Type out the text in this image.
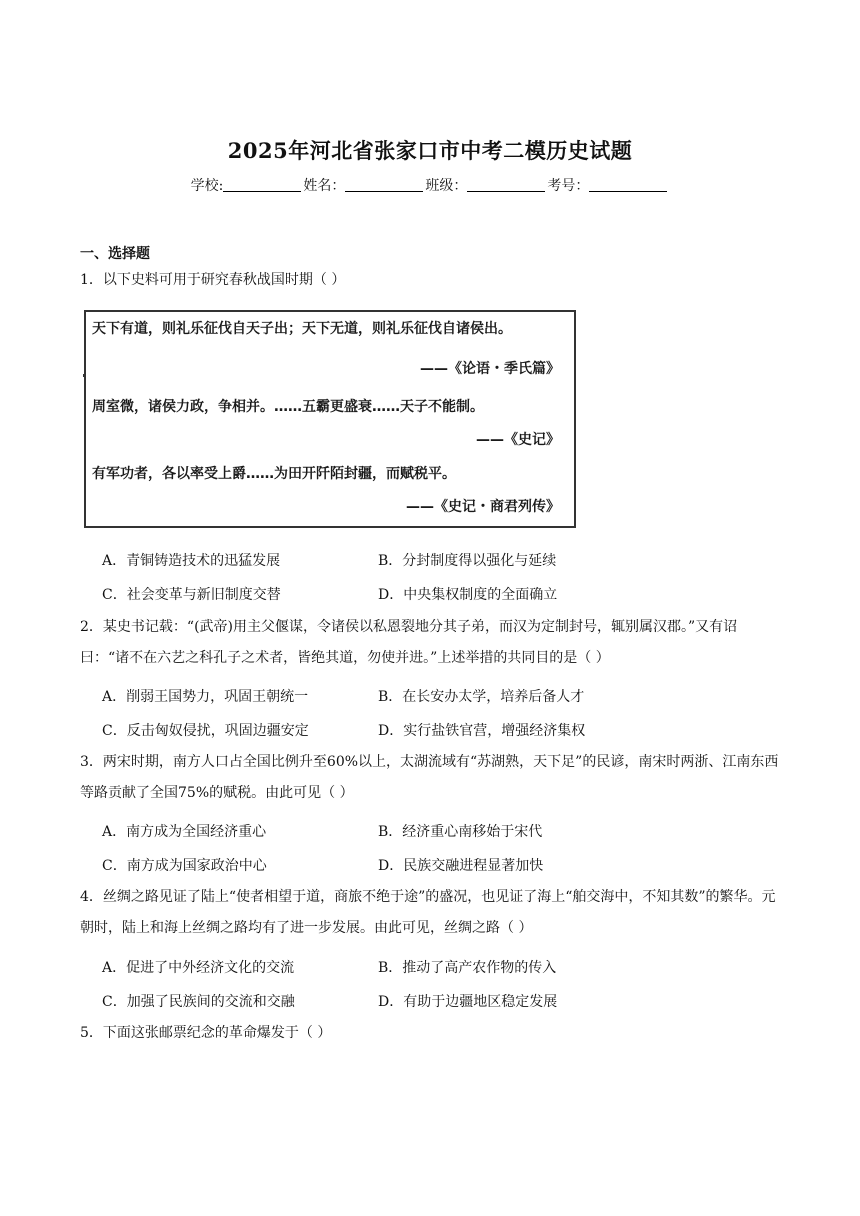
2025年河北省张家口市中考二模历史试题
学校:	姓名：	班级：	考号：
一、选择题
1．以下史料可用于研究春秋战国时期（ ）
天下有道，则礼乐征伐自天子出；天下无道，则礼乐征伐自诸侯出。
——《论语・季氏篇》
周室微，诸侯力政，争相并。……五霸更盛衰……天子不能制。
——《史记》
有军功者，各以率受上爵……为田开阡陌封疆，而赋税平。
——《史记・商君列传》
A．青铜铸造技术的迅猛发展	B．分封制度得以强化与延续
C．社会变革与新旧制度交替	D．中央集权制度的全面确立
2．某史书记载：“(武帝)用主父偃谋，令诸侯以私恩裂地分其子弟，而汉为定制封号，辄别属汉郡。”又有诏曰：“诸不在六艺之科孔子之术者，皆绝其道，勿使并进。”上述举措的共同目的是（ ）
A．削弱王国势力，巩固王朝统一	B．在长安办太学，培养后备人才
C．反击匈奴侵扰，巩固边疆安定	D．实行盐铁官营，增强经济集权
3．两宋时期，南方人口占全国比例升至60%以上，太湖流域有“苏湖熟，天下足”的民谚，南宋时两浙、江南东西等路贡献了全国75%的赋税。由此可见（ ）
A．南方成为全国经济重心	B．经济重心南移始于宋代
C．南方成为国家政治中心	D．民族交融进程显著加快
4．丝绸之路见证了陆上“使者相望于道，商旅不绝于途”的盛况，也见证了海上“舶交海中，不知其数”的繁华。元朝时，陆上和海上丝绸之路均有了进一步发展。由此可见，丝绸之路（ ）
A．促进了中外经济文化的交流	B．推动了高产农作物的传入
C．加强了民族间的交流和交融	D．有助于边疆地区稳定发展
5．下面这张邮票纪念的革命爆发于（ ）
